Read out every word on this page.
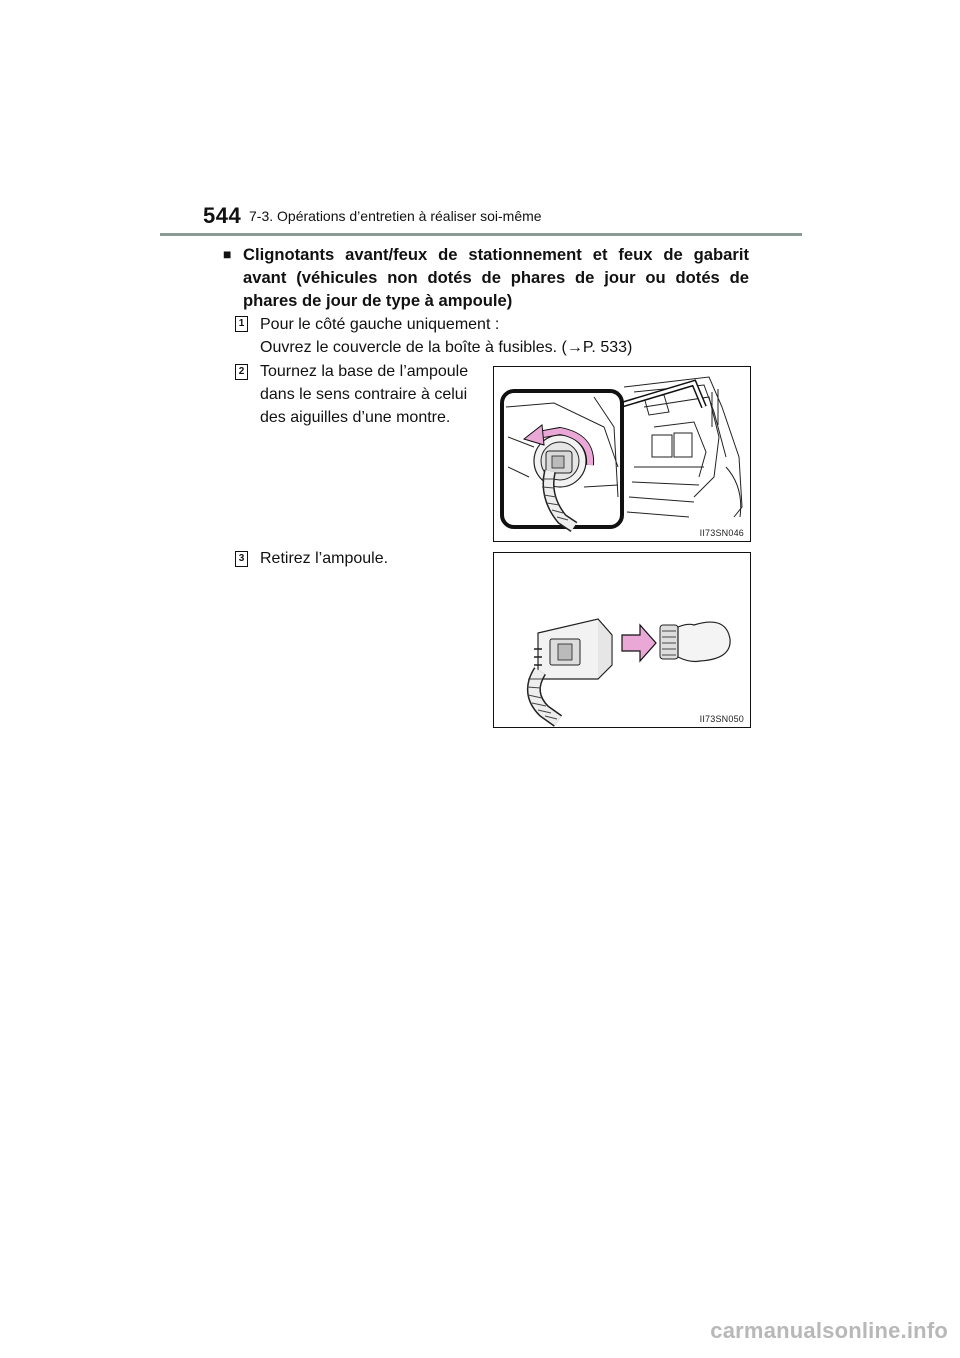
544 7-3. Opérations d’entretien à réaliser soi-même
■ Clignotants avant/feux de stationnement et feux de gabarit avant (véhicules non dotés de phares de jour ou dotés de phares de jour de type à ampoule)
1 Pour le côté gauche uniquement :
Ouvrez le couvercle de la boîte à fusibles. (→P. 533)
2 Tournez la base de l’ampoule
dans le sens contraire à celui
des aiguilles d’une montre.
II73SN046
3 Retirez l’ampoule.
II73SN050
carmanualsonline.info
